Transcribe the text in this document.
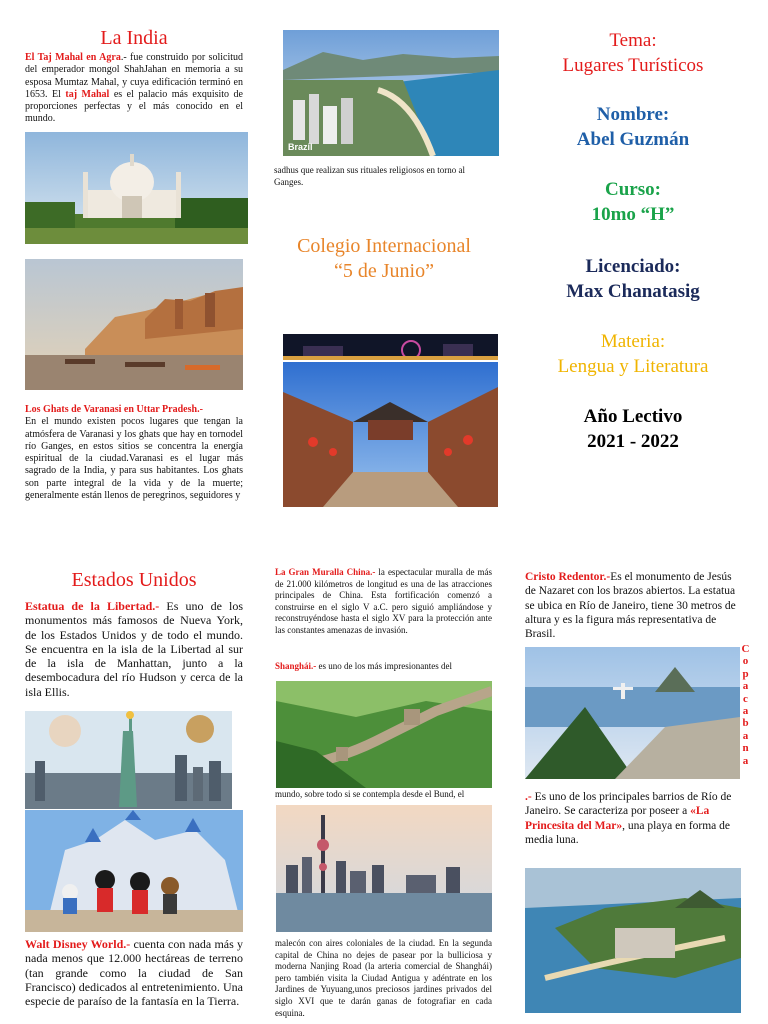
La India
El Taj Mahal en Agra.- fue construido por solicitud del emperador mongol ShahJahan en memoria a su esposa Mumtaz Mahal, y cuya edificación terminó en 1653. El taj Mahal es el palacio más exquisito de proporciones perfectas y el más conocido en el mundo.
Los Ghats de Varanasi en Uttar Pradesh.-
En el mundo existen pocos lugares que tengan la atmósfera de Varanasi y los ghats que hay en tornodel río Ganges, en estos sitios se concentra la energía espiritual de la ciudad.Varanasi es el lugar más sagrado de la India, y para sus habitantes. Los ghats son parte integral de la vida y de la muerte; generalmente están llenos de peregrinos, seguidores y
Brazil
sadhus que realizan sus rituales religiosos en torno al Ganges.
Colegio Internacional
“5 de Junio”
Tema:
Lugares Turísticos
Nombre:
Abel Guzmán
Curso:
10mo “H”
Licenciado:
Max Chanatasig
Materia:
Lengua y Literatura
Año Lectivo
2021 - 2022
Estados Unidos
Estatua de la Libertad.- Es uno de los monumentos más famosos de Nueva York, de los Estados Unidos y de todo el mundo. Se encuentra en la isla de la Libertad al sur de la isla de Manhattan, junto a la desembocadura del río Hudson y cerca de la isla Ellis.
Walt Disney World.- cuenta con nada más y nada menos que 12.000 hectáreas de terreno (tan grande como la ciudad de San Francisco) dedicados al entretenimiento. Una especie de paraíso de la fantasía en la Tierra.
La Gran Muralla China.- la espectacular muralla de más de 21.000 kilómetros de longitud es una de las atracciones principales de China. Esta fortificación comenzó a construirse en el siglo V a.C. pero siguió ampliándose y reconstruyéndose hasta el siglo XV para la protección ante las constantes amenazas de invasión.
Shanghái.- es uno de los más impresionantes del
mundo, sobre todo si se contempla desde el Bund, el
malecón con aires coloniales de la ciudad. En la segunda capital de China no dejes de pasear por la bulliciosa y moderna Nanjing Road (la arteria comercial de Shanghái) pero también visita la Ciudad Antigua y adéntrate en los Jardines de Yuyuang,unos preciosos jardines privados del siglo XVI que te darán ganas de fotografiar en cada esquina.
Cristo Redentor.-Es el monumento de Jesús de Nazaret con los brazos abiertos. La estatua se ubica en Río de Janeiro, tiene 30 metros de altura y es la figura más representativa de Brasil.
Copacabana
.- Es uno de los principales barrios de Río de Janeiro. Se caracteriza por poseer a «La Princesita del Mar», una playa en forma de media luna.
